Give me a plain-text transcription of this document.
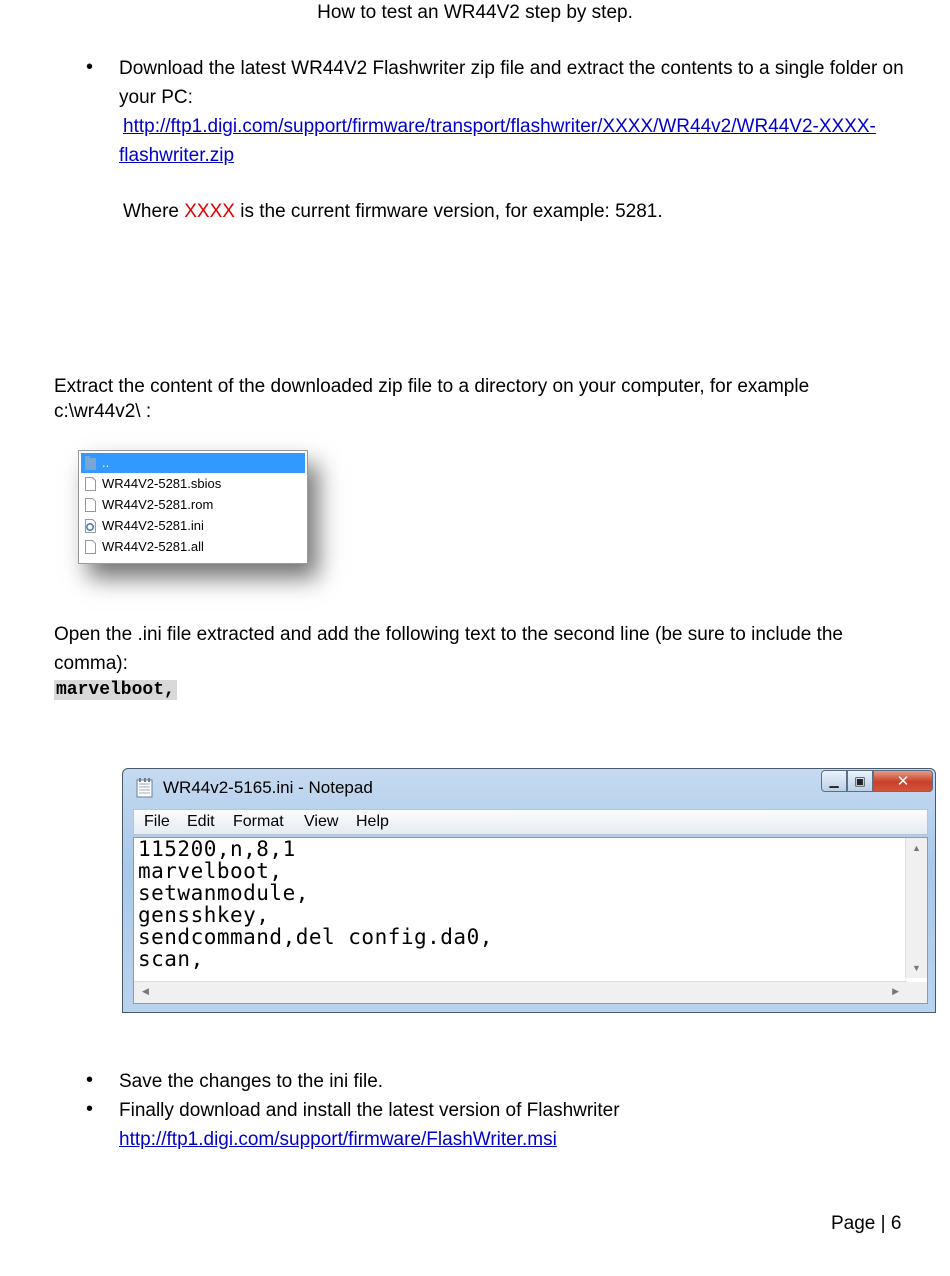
How to test an WR44V2 step by step.
• Download the latest WR44V2 Flashwriter zip file and extract the contents to a single folder on
your PC:
http://ftp1.digi.com/support/firmware/transport/flashwriter/XXXX/WR44v2/WR44V2-XXXX-
flashwriter.zip
Where XXXX is the current firmware version, for example: 5281.
Extract the content of the downloaded zip file to a directory on your computer, for example
c:\wr44v2\ :
..
WR44V2-5281.sbios
WR44V2-5281.rom
WR44V2-5281.ini
WR44V2-5281.all
Open the .ini file extracted and add the following text to the second line (be sure to include the
comma):
marvelboot,
WR44v2-5165.ini - Notepad	▁ ▣ ✕
File Edit Format View Help
115200,n,8,1
marvelboot,
setwanmodule,
gensshkey,
sendcommand,del config.da0,
scan,
▲
▼
◀	▶
• Save the changes to the ini file.
• Finally download and install the latest version of Flashwriter
http://ftp1.digi.com/support/firmware/FlashWriter.msi
Page | 6
